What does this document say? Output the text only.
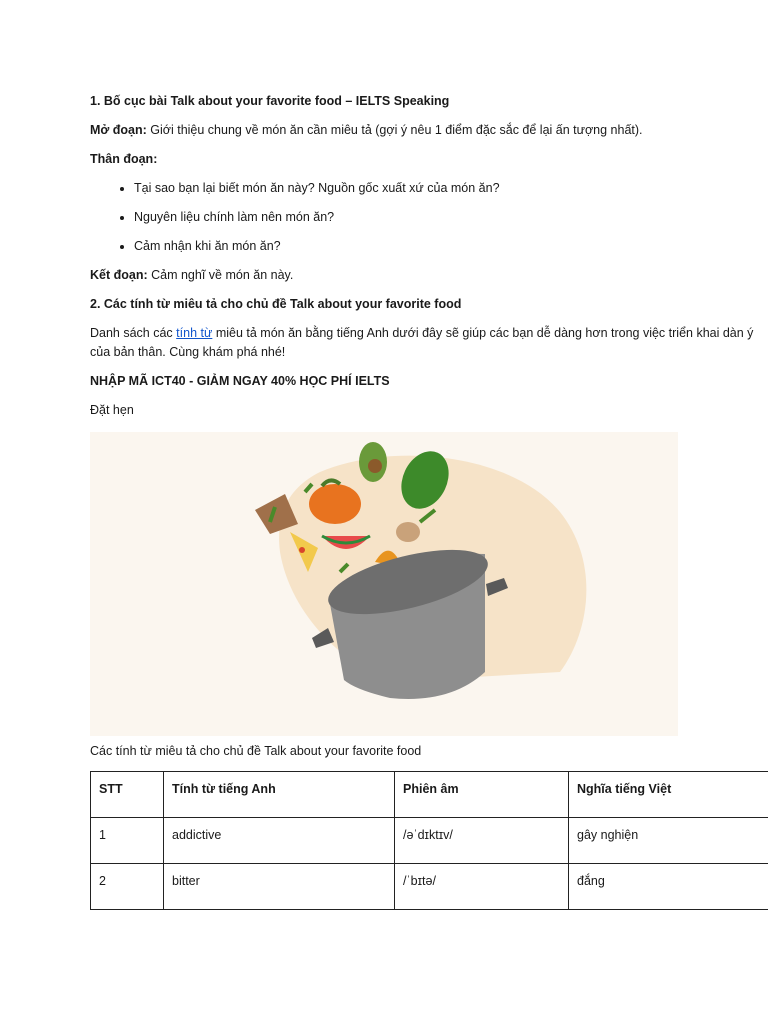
1. Bố cục bài Talk about your favorite food – IELTS Speaking

Mở đoạn: Giới thiệu chung về món ăn cần miêu tả (gợi ý nêu 1 điểm đặc sắc để lại ấn tượng nhất).

Thân đoạn:

• Tại sao bạn lại biết món ăn này? Nguồn gốc xuất xứ của món ăn?
• Nguyên liệu chính làm nên món ăn?
• Cảm nhận khi ăn món ăn?

Kết đoạn: Cảm nghĩ về món ăn này.

2. Các tính từ miêu tả cho chủ đề Talk about your favorite food

Danh sách các tính từ miêu tả món ăn bằng tiếng Anh dưới đây sẽ giúp các bạn dễ dàng hơn trong việc triển khai dàn ý của bản thân. Cùng khám phá nhé!

NHẬP MÃ ICT40 - GIẢM NGAY 40% HỌC PHÍ IELTS

Đặt hẹn

Các tính từ miêu tả cho chủ đề Talk about your favorite food

STT	Tính từ tiếng Anh	Phiên âm	Nghĩa tiếng Việt
1	addictive	/əˈdɪktɪv/	gây nghiện
2	bitter	/ˈbɪtə/	đắng
